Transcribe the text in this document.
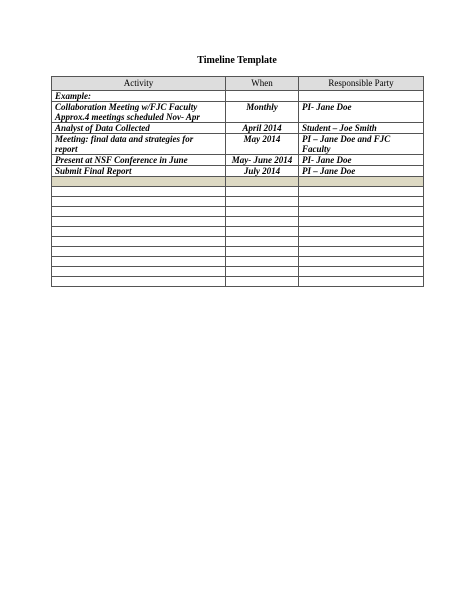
Timeline Template
Activity	When	Responsible Party

Example:		

Collaboration Meeting w/FJC Faculty
Approx.4 meetings scheduled Nov- Apr	Monthly	PI- Jane Doe

Analyst of Data Collected	April 2014	Student – Joe Smith

Meeting: final data and strategies for
report	May 2014	PI – Jane Doe and FJC
Faculty

Present at NSF Conference in June	May- June 2014	PI- Jane Doe

Submit Final Report	July 2014	PI – Jane Doe
